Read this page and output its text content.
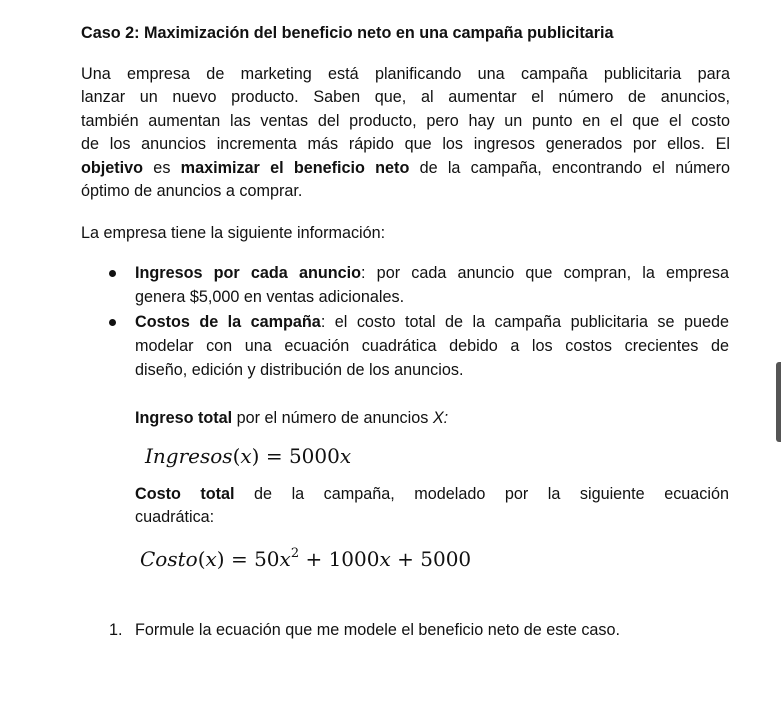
Caso 2: Maximización del beneficio neto en una campaña publicitaria

Una empresa de marketing está planificando una campaña publicitaria para
lanzar un nuevo producto. Saben que, al aumentar el número de anuncios,
también aumentan las ventas del producto, pero hay un punto en el que el costo
de los anuncios incrementa más rápido que los ingresos generados por ellos. El
objetivo es maximizar el beneficio neto de la campaña, encontrando el número
óptimo de anuncios a comprar.

La empresa tiene la siguiente información:

Ingresos por cada anuncio: por cada anuncio que compran, la empresa
genera $5,000 en ventas adicionales.
Costos de la campaña: el costo total de la campaña publicitaria se puede
modelar con una ecuación cuadrática debido a los costos crecientes de
diseño, edición y distribución de los anuncios.

Ingreso total por el número de anuncios X:

Ingresos(x) = 5000x

Costo total de la campaña, modelado por la siguiente ecuación
cuadrática:

Costo(x) = $50x^2 + 1000x + 5000$

1. Formule la ecuación que me modele el beneficio neto de este caso.
